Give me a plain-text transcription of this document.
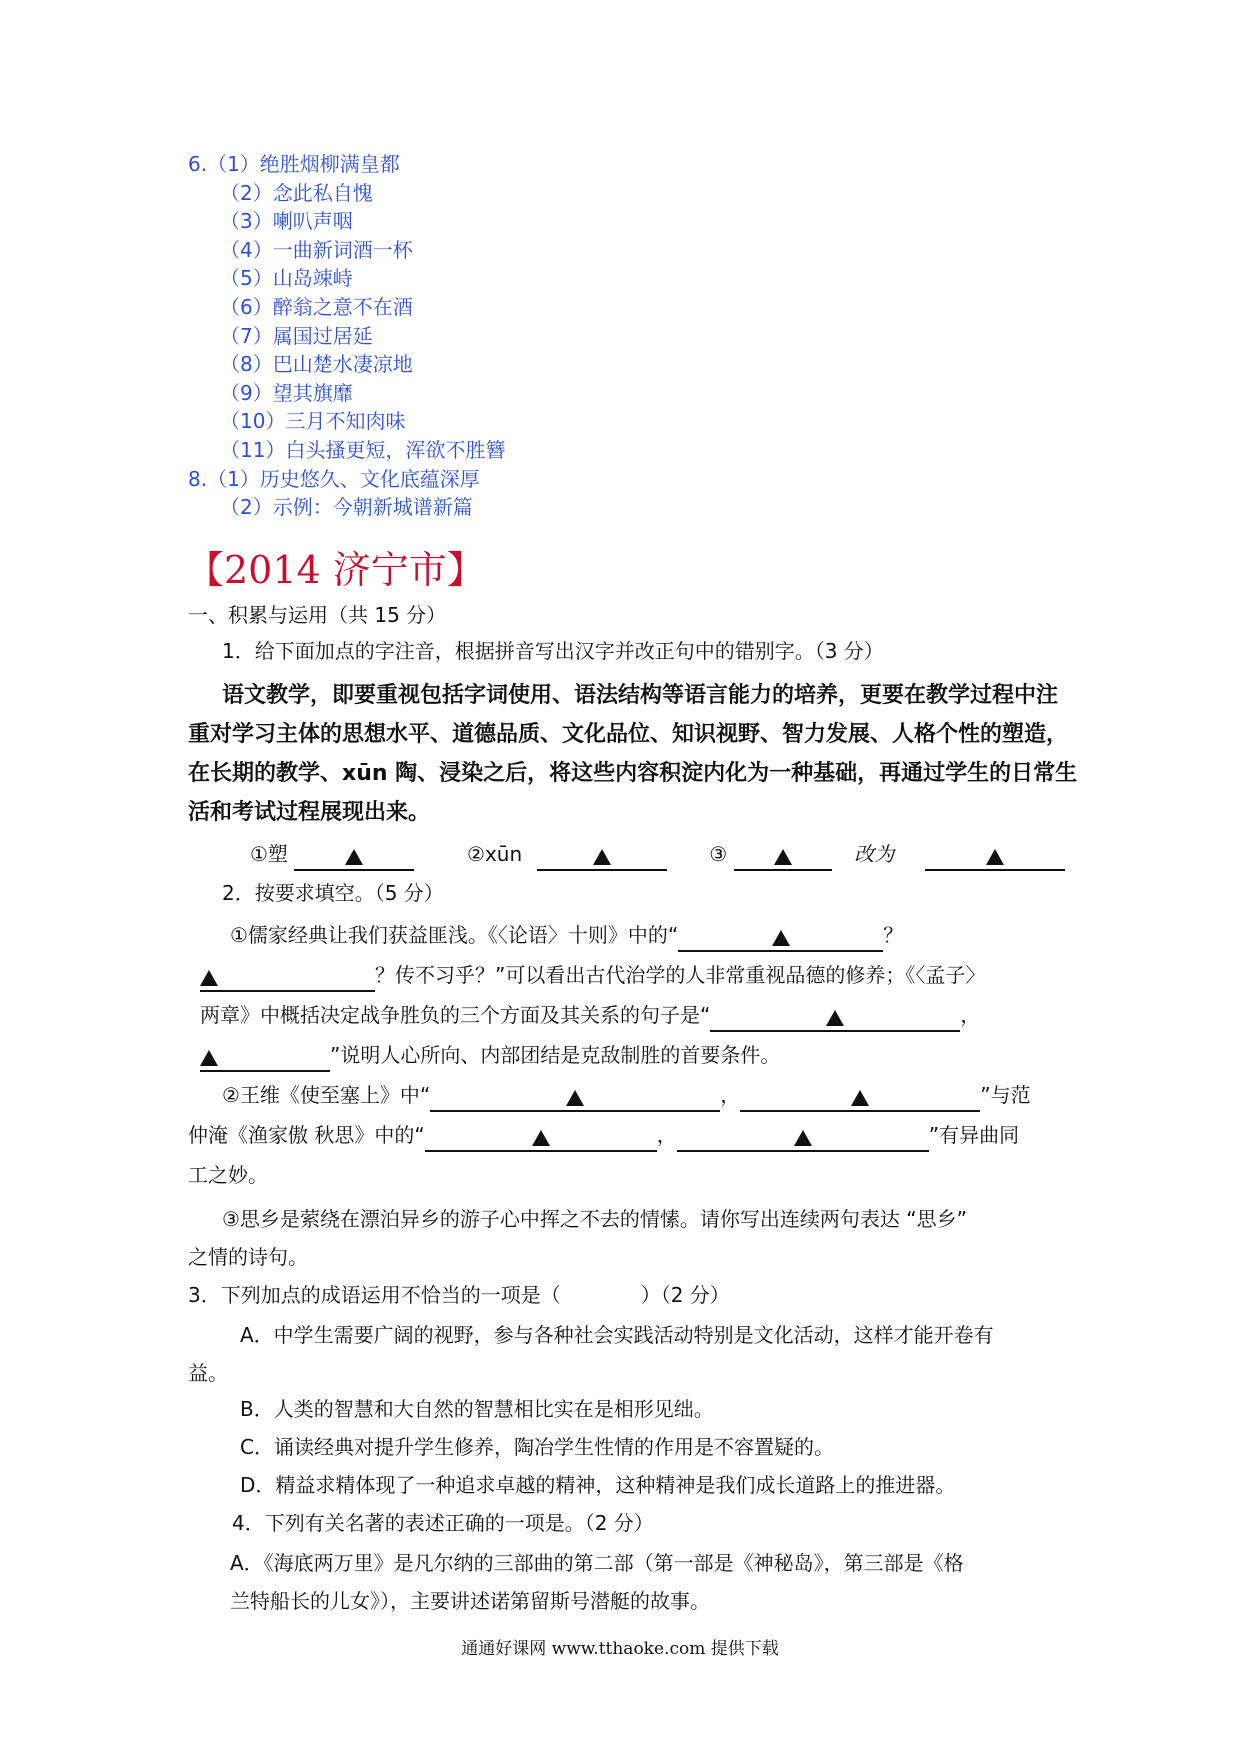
6.（1）绝胜烟柳满皇都
（2）念此私自愧
（3）喇叭声咽
（4）一曲新词酒一杯
（5）山岛竦峙
（6）醉翁之意不在酒
（7）属国过居延
（8）巴山楚水凄凉地
（9）望其旗靡
（10）三月不知肉味
（11）白头搔更短，浑欲不胜簪
8.（1）历史悠久、文化底蕴深厚
（2）示例：今朝新城谱新篇
【2014 济宁市】
一、积累与运用（共 15 分）
1．给下面加点的字注音，根据拼音写出汉字并改正句中的错别字。（3 分）
语文教学，即要重视包括字词使用、语法结构等语言能力的培养，更要在教学过程中注
重对学习主体的思想水平、道德品质、文化品位、知识视野、智力发展、人格个性的塑造，
在长期的教学、xūn 陶、浸染之后，将这些内容积淀内化为一种基础，再通过学生的日常生
活和考试过程展现出来。
①塑	②xūn	③	改为
2．按要求填空。（5 分）
①儒家经典让我们获益匪浅。《〈论语〉十则》中的“	？
？传不习乎？”可以看出古代治学的人非常重视品德的修养；《〈孟子〉
两章》中概括决定战争胜负的三个方面及其关系的句子是“	，
”说明人心所向、内部团结是克敌制胜的首要条件。
②王维《使至塞上》中“	，	”与范
仲淹《渔家傲 秋思》中的“	，	”有异曲同
工之妙。
③思乡是萦绕在漂泊异乡的游子心中挥之不去的情愫。请你写出连续两句表达 “思乡”
之情的诗句。
3．下列加点的成语运用不恰当的一项是（　　　　）（2 分）
A．中学生需要广阔的视野，参与各种社会实践活动特别是文化活动，这样才能开卷有
益。
B．人类的智慧和大自然的智慧相比实在是相形见绌。
C．诵读经典对提升学生修养，陶冶学生性情的作用是不容置疑的。
D．精益求精体现了一种追求卓越的精神，这种精神是我们成长道路上的推进器。
4．下列有关名著的表述正确的一项是。（2 分）
A．《海底两万里》是凡尔纳的三部曲的第二部（第一部是《神秘岛》，第三部是《格
兰特船长的儿女》），主要讲述诺第留斯号潜艇的故事。
通通好课网 www.tthaoke.com 提供下载
